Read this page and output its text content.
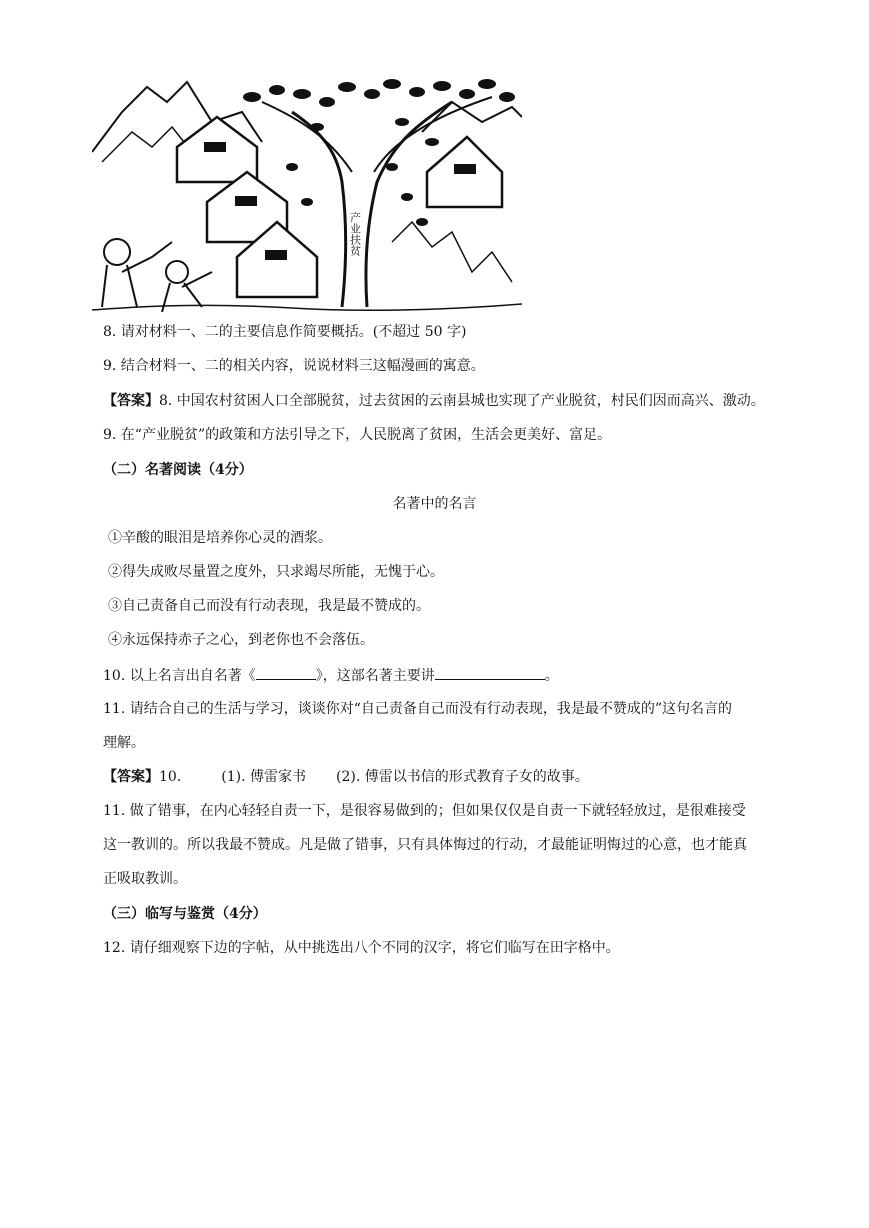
产业扶贫
8. 请对材料一、二的主要信息作简要概括。(不超过 50 字)
9. 结合材料一、二的相关内容，说说材料三这幅漫画的寓意。
【答案】8. 中国农村贫困人口全部脱贫，过去贫困的云南县城也实现了产业脱贫，村民们因而高兴、激动。
9. 在“产业脱贫”的政策和方法引导之下，人民脱离了贫困，生活会更美好、富足。
（二）名著阅读（4分）
名著中的名言
①辛酸的眼泪是培养你心灵的酒浆。
②得失成败尽量置之度外，只求竭尽所能，无愧于心。
③自己责备自己而没有行动表现，我是最不赞成的。
④永远保持赤子之心，到老你也不会落伍。
10. 以上名言出自名著《	》，这部名著主要讲	。
11. 请结合自己的生活与学习，谈谈你对“自己责备自己而没有行动表现，我是最不赞成的”这句名言的
理解。
【答案】10.	(1). 傅雷家书 (2). 傅雷以书信的形式教育子女的故事。
11. 做了错事，在内心轻轻自责一下，是很容易做到的；但如果仅仅是自责一下就轻轻放过，是很难接受
这一教训的。所以我最不赞成。凡是做了错事，只有具体悔过的行动，才最能证明悔过的心意，也才能真
正吸取教训。
（三）临写与鉴赏（4分）
12. 请仔细观察下边的字帖，从中挑选出八个不同的汉字，将它们临写在田字格中。
